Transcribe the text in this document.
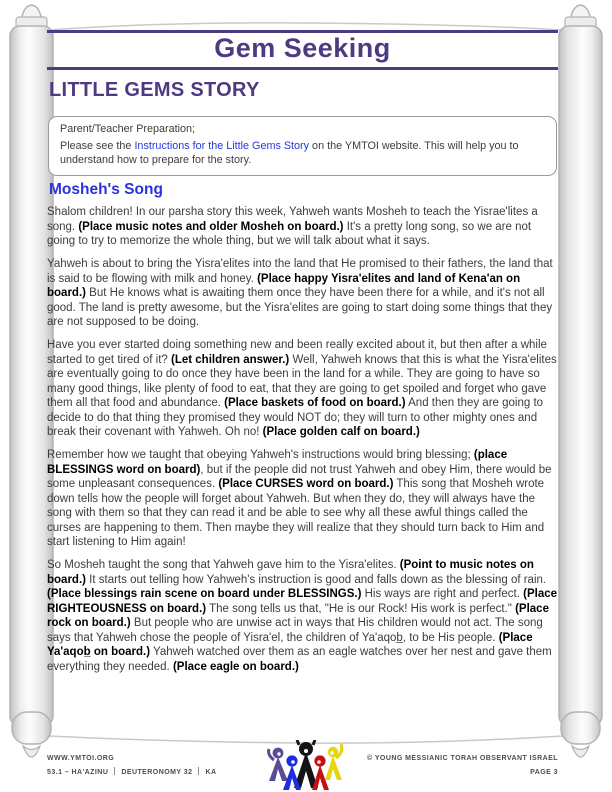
Gem Seeking
LITTLE GEMS STORY

Parent/Teacher Preparation;

Please see the Instructions for the Little Gems Story on the YMTOI website. This will help you to understand how to prepare for the story.

Mosheh's Song

Shalom children! In our parsha story this week, Yahweh wants Mosheh to teach the Yisrae'lites a song. (Place music notes and older Mosheh on board.) It's a pretty long song, so we are not going to try to memorize the whole thing, but we will talk about what it says.

Yahweh is about to bring the Yisra'elites into the land that He promised to their fathers, the land that is said to be flowing with milk and honey. (Place happy Yisra'elites and land of Kena'an on board.) But He knows what is awaiting them once they have been there for a while, and it's not all good. The land is pretty awesome, but the Yisra'elites are going to start doing some things that they are not supposed to be doing.

Have you ever started doing something new and been really excited about it, but then after a while started to get tired of it? (Let children answer.) Well, Yahweh knows that this is what the Yisra'elites are eventually going to do once they have been in the land for a while. They are going to have so many good things, like plenty of food to eat, that they are going to get spoiled and forget who gave them all that food and abundance. (Place baskets of food on board.) And then they are going to decide to do that thing they promised they would NOT do; they will turn to other mighty ones and break their covenant with Yahweh. Oh no! (Place golden calf on board.)

Remember how we taught that obeying Yahweh's instructions would bring blessing; (place BLESSINGS word on board), but if the people did not trust Yahweh and obey Him, there would be some unpleasant consequences. (Place CURSES word on board.) This song that Mosheh wrote down tells how the people will forget about Yahweh. But when they do, they will always have the song with them so that they can read it and be able to see why all these awful things called the curses are happening to them. Then maybe they will realize that they should turn back to Him and start listening to Him again!

So Mosheh taught the song that Yahweh gave him to the Yisra'elites. (Point to music notes on board.) It starts out telling how Yahweh's instruction is good and falls down as the blessing of rain. (Place blessings rain scene on board under BLESSINGS.) His ways are right and perfect. (Place RIGHTEOUSNESS on board.) The song tells us that, "He is our Rock! His work is perfect." (Place rock on board.) But people who are unwise act in ways that His children would not act. The song says that Yahweh chose the people of Yisra'el, the children of Ya'aqob̲, to be His people. (Place Ya'aqob̲ on board.) Yahweh watched over them as an eagle watches over her nest and gave them everything they needed. (Place eagle on board.)

WWW.YMTOI.ORG
53.1 – HA'AZINU DEUTERONOMY 32 KA
© YOUNG MESSIANIC TORAH OBSERVANT ISRAEL
PAGE 3
